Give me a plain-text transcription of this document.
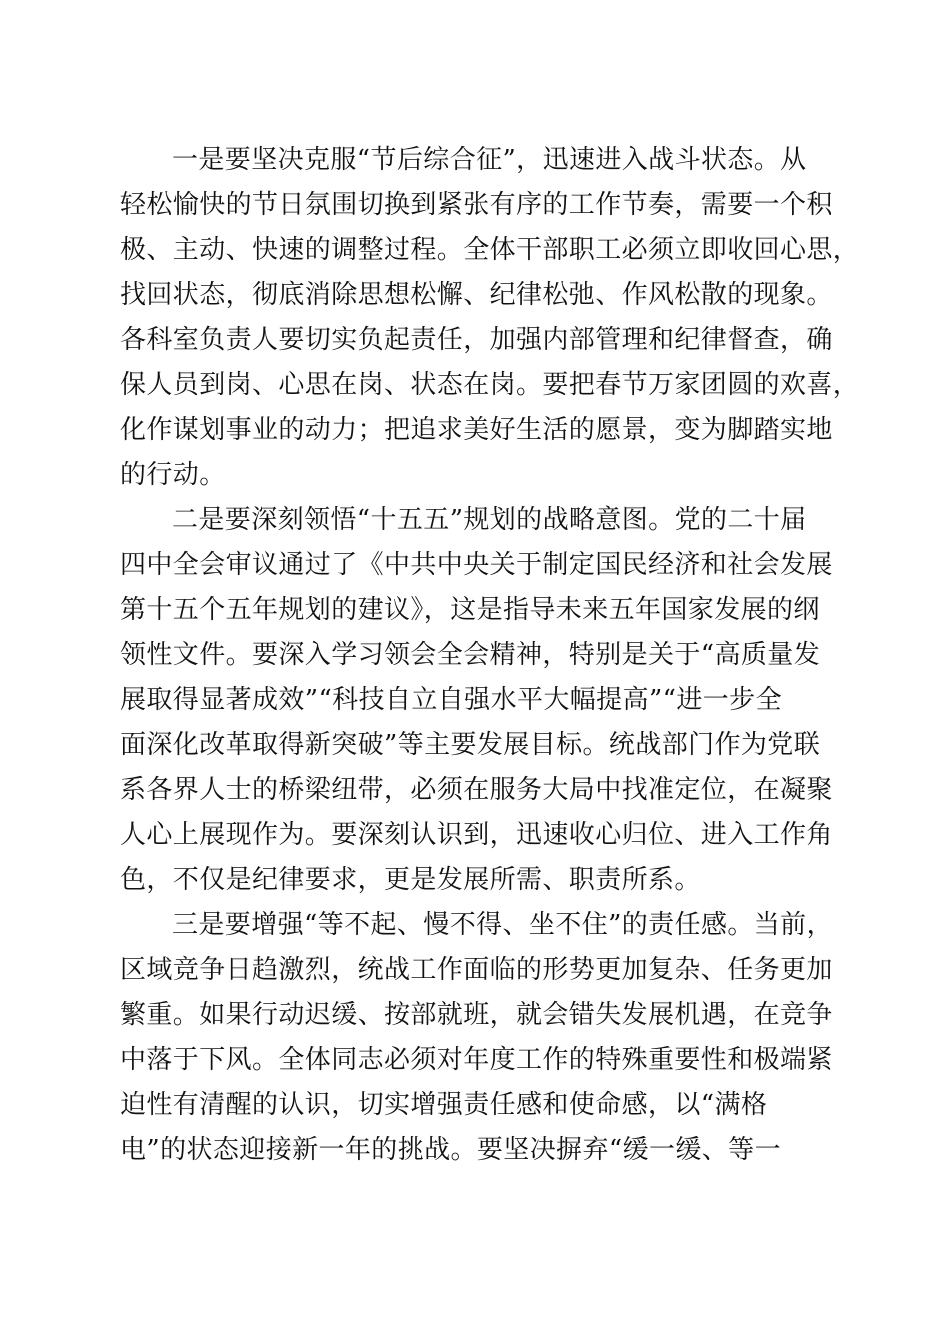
一是要坚决克服“节后综合征”，迅速进入战斗状态。从
轻松愉快的节日氛围切换到紧张有序的工作节奏，需要一个积
极、主动、快速的调整过程。全体干部职工必须立即收回心思，
找回状态，彻底消除思想松懈、纪律松弛、作风松散的现象。
各科室负责人要切实负起责任，加强内部管理和纪律督查，确
保人员到岗、心思在岗、状态在岗。要把春节万家团圆的欢喜，
化作谋划事业的动力；把追求美好生活的愿景，变为脚踏实地
的行动。
二是要深刻领悟“十五五”规划的战略意图。党的二十届
四中全会审议通过了《中共中央关于制定国民经济和社会发展
第十五个五年规划的建议》，这是指导未来五年国家发展的纲
领性文件。要深入学习领会全会精神，特别是关于“高质量发
展取得显著成效”“科技自立自强水平大幅提高”“进一步全
面深化改革取得新突破”等主要发展目标。统战部门作为党联
系各界人士的桥梁纽带，必须在服务大局中找准定位，在凝聚
人心上展现作为。要深刻认识到，迅速收心归位、进入工作角
色，不仅是纪律要求，更是发展所需、职责所系。
三是要增强“等不起、慢不得、坐不住”的责任感。当前，
区域竞争日趋激烈，统战工作面临的形势更加复杂、任务更加
繁重。如果行动迟缓、按部就班，就会错失发展机遇，在竞争
中落于下风。全体同志必须对年度工作的特殊重要性和极端紧
迫性有清醒的认识，切实增强责任感和使命感，以“满格
电”的状态迎接新一年的挑战。要坚决摒弃“缓一缓、等一
